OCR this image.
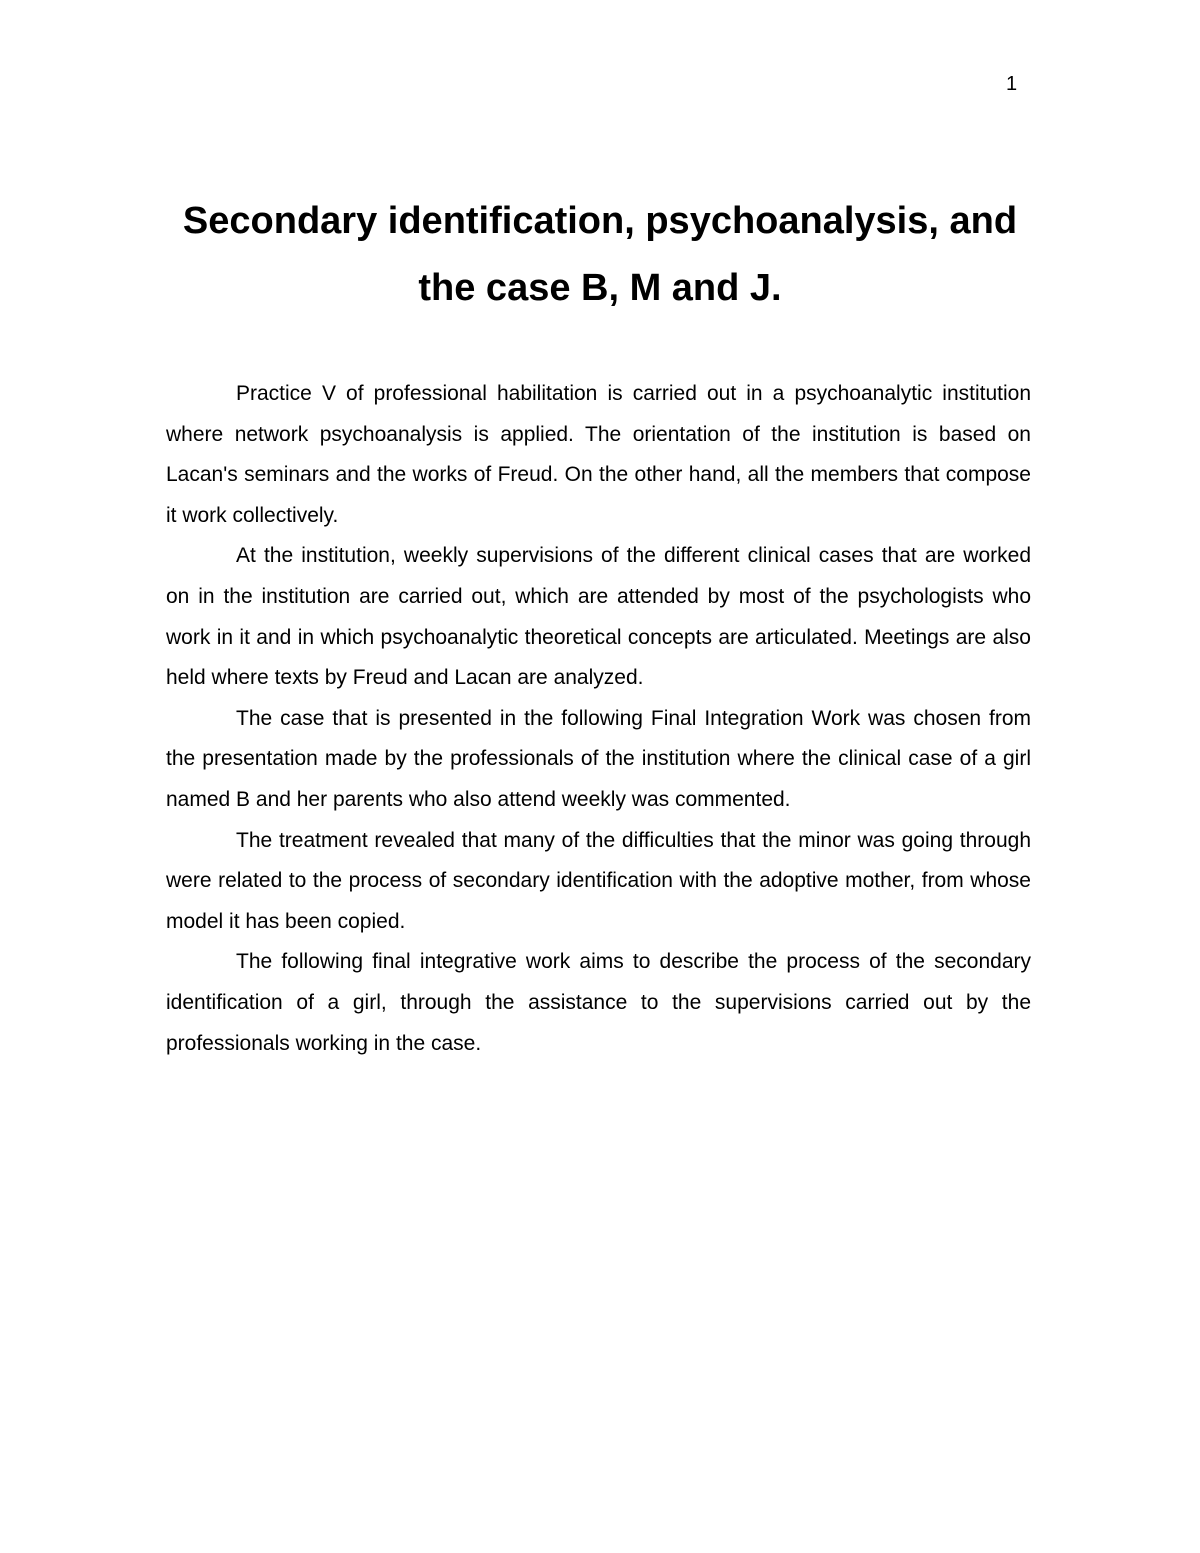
1
Secondary identification, psychoanalysis, and
the case B, M and J.

Practice V of professional habilitation is carried out in a psychoanalytic institution where network psychoanalysis is applied. The orientation of the institution is based on Lacan's seminars and the works of Freud. On the other hand, all the members that compose it work collectively.

At the institution, weekly supervisions of the different clinical cases that are worked on in the institution are carried out, which are attended by most of the psychologists who work in it and in which psychoanalytic theoretical concepts are articulated. Meetings are also held where texts by Freud and Lacan are analyzed.

The case that is presented in the following Final Integration Work was chosen from the presentation made by the professionals of the institution where the clinical case of a girl named B and her parents who also attend weekly was commented.

The treatment revealed that many of the difficulties that the minor was going through were related to the process of secondary identification with the adoptive mother, from whose model it has been copied.

The following final integrative work aims to describe the process of the secondary identification of a girl, through the assistance to the supervisions carried out by the professionals working in the case.
